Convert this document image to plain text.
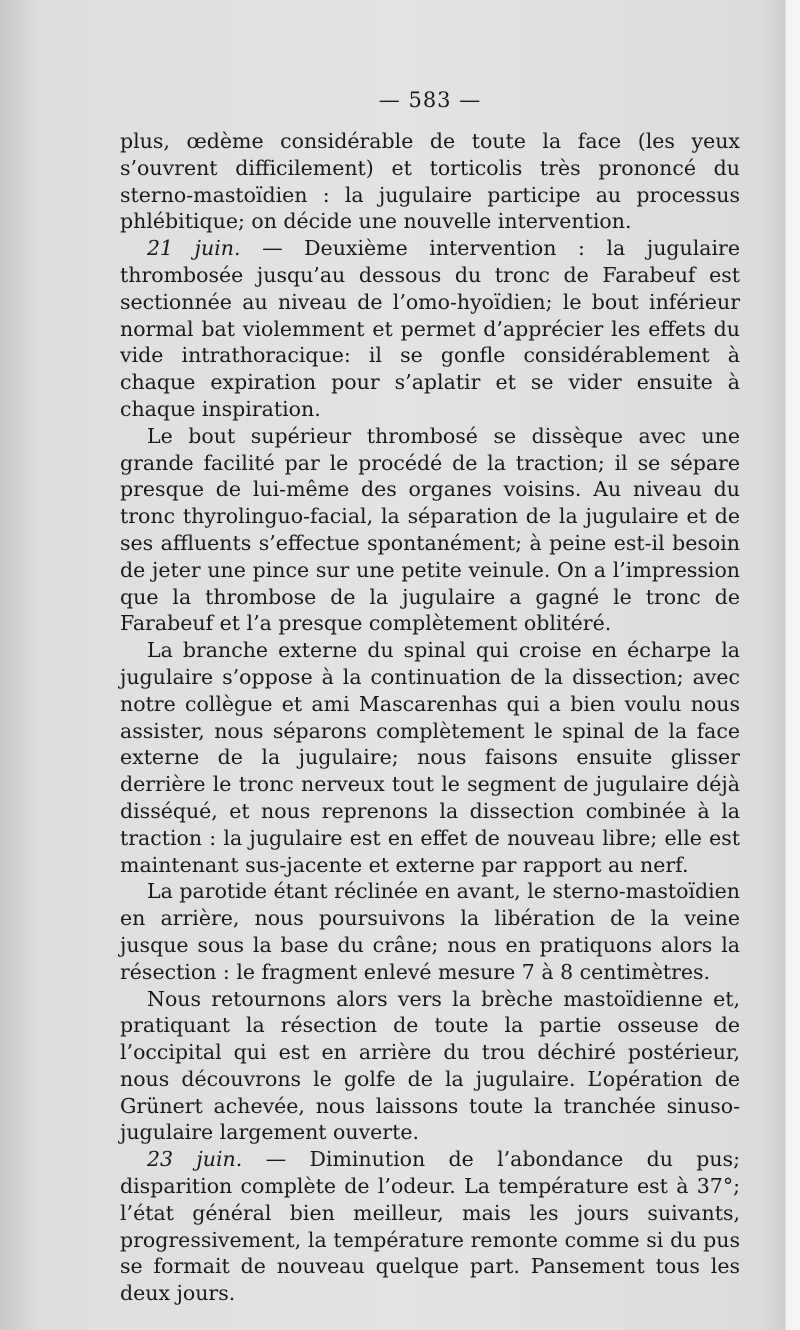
— 583 —

plus, œdème considérable de toute la face (les yeux s’ouvrent difficilement) et torticolis très prononcé du sterno-mastoïdien : la jugulaire participe au processus phlébitique; on décide une nouvelle intervention.

21 juin. — Deuxième intervention : la jugulaire thrombosée jusqu’au dessous du tronc de Farabeuf est sectionnée au niveau de l’omo-hyoïdien; le bout inférieur normal bat violemment et permet d’apprécier les effets du vide intrathoracique: il se gonfle considérablement à chaque expiration pour s’aplatir et se vider ensuite à chaque inspiration.

Le bout supérieur thrombosé se dissèque avec une grande facilité par le procédé de la traction; il se sépare presque de lui-même des organes voisins. Au niveau du tronc thyrolinguo-facial, la séparation de la jugulaire et de ses affluents s’effectue spontanément; à peine est-il besoin de jeter une pince sur une petite veinule. On a l’impression que la thrombose de la jugulaire a gagné le tronc de Farabeuf et l’a presque complètement oblitéré.

La branche externe du spinal qui croise en écharpe la jugulaire s’oppose à la continuation de la dissection; avec notre collègue et ami Mascarenhas qui a bien voulu nous assister, nous séparons complètement le spinal de la face externe de la jugulaire; nous faisons ensuite glisser derrière le tronc nerveux tout le segment de jugulaire déjà disséqué, et nous reprenons la dissection combinée à la traction : la jugulaire est en effet de nouveau libre; elle est maintenant sus-jacente et externe par rapport au nerf.

La parotide étant réclinée en avant, le sterno-mastoïdien en arrière, nous poursuivons la libération de la veine jusque sous la base du crâne; nous en pratiquons alors la résection : le fragment enlevé mesure 7 à 8 centimètres.

Nous retournons alors vers la brèche mastoïdienne et, pratiquant la résection de toute la partie osseuse de l’occipital qui est en arrière du trou déchiré postérieur, nous découvrons le golfe de la jugulaire. L’opération de Grünert achevée, nous laissons toute la tranchée sinuso-jugulaire largement ouverte.

23 juin. — Diminution de l’abondance du pus; disparition complète de l’odeur. La température est à 37°; l’état général bien meilleur, mais les jours suivants, progressivement, la température remonte comme si du pus se formait de nouveau quelque part. Pansement tous les deux jours.
